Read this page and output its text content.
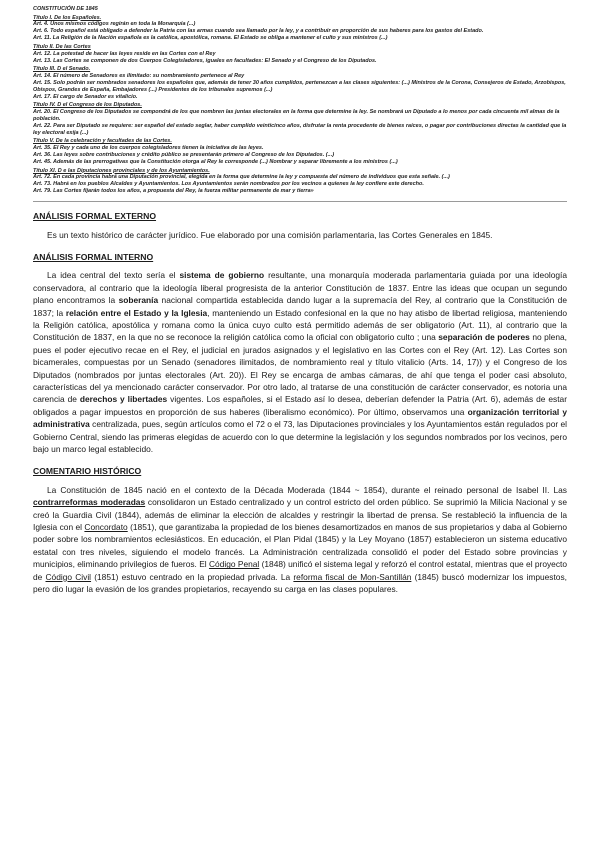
CONSTITUCIÓN DE 1845
Título I. De los Españoles.
Art. 4. Unos mismos códigos regirán en toda la Monarquía (...)
Art. 6. Todo español está obligado a defender la Patria con las armas cuando sea llamado por la ley, y a contribuir en proporción de sus haberes para los gastos del Estado.
Art. 11. La Religión de la Nación española es la católica, apostólica, romana. El Estado se obliga a mantener el culto y sus ministros (...)
Título II. De las Cortes
Art. 12. La potestad de hacer las leyes reside en las Cortes con el Rey
Art. 13. Las Cortes se componen de dos Cuerpos Colegisladores, iguales en facultades: El Senado y el Congreso de los Diputados.
Título III. D el Senado.
Art. 14. El número de Senadores es ilimitado: su nombramiento pertenece al Rey
Art. 15. Solo podrán ser nombrados senadores los españoles que, además de tener 30 años cumplidos, pertenezcan a las clases siguientes: (...) Ministros de la Corona, Consejeros de Estado, Arzobispos, Obispos, Grandes de España, Embajadores (...) Presidentes de los tribunales supremos (...)
Art. 17. El cargo de Senador es vitalicio.
Título IV. D el Congreso de los Diputados.
Art. 20. El Congreso de los Diputados se compondrá de los que nombren las juntas electorales en la forma que determine la ley. Se nombrará un Diputado a lo menos por cada cincuenta mil almas de la población.
Art. 22. Para ser Diputado se requiere: ser español del estado seglar, haber cumplido veinticinco años, disfrutar la renta procedente de bienes raíces, o pagar por contribuciones directas la cantidad que la ley electoral exija (...)
Título V. De la celebración y facultades de las Cortes.
Art. 35. El Rey y cada uno de los cuerpos colegisladores tienen la iniciativa de las leyes.
Art. 36. Las leyes sobre contribuciones y crédito público se presentarán primero al Congreso de los Diputados. (...)
Art. 45. Además de las prerrogativas que la Constitución otorga al Rey le corresponde (...) Nombrar y separar libremente a los ministros (...)
Título XI. D e las Diputaciones provinciales y de los Ayuntamientos.
Art. 72. En cada provincia habrá una Diputación provincial, elegida en la forma que determine la ley y compuesta del número de individuos que esta señale. (...)
Art. 73. Habrá en los pueblos Alcaldes y Ayuntamientos. Los Ayuntamientos serán nombrados por los vecinos a quienes la ley confiere este derecho.
Art. 79. Las Cortes fijarán todos los años, a propuesta del Rey, la fuerza militar permanente de mar y tierra»
ANÁLISIS FORMAL EXTERNO

Es un texto histórico de carácter jurídico. Fue elaborado por una comisión parlamentaria, las Cortes Generales en 1845.

ANÁLISIS FORMAL INTERNO

La idea central del texto sería el sistema de gobierno resultante, una monarquía moderada parlamentaria guiada por una ideología conservadora, al contrario que la ideología liberal progresista de la anterior Constitución de 1837. Entre las ideas que ocupan un segundo plano encontramos la soberanía nacional compartida establecida dando lugar a la supremacía del Rey, al contrario que la Constitución de 1837; la relación entre el Estado y la Iglesia, manteniendo un Estado confesional en la que no hay atisbo de libertad religiosa, manteniendo la Religión católica, apostólica y romana como la única cuyo culto está permitido además de ser obligatorio (Art. 11), al contrario que la Constitución de 1837, en la que no se reconoce la religión católica como la oficial con obligatorio culto ; una separación de poderes no plena, pues el poder ejecutivo recae en el Rey, el judicial en jurados asignados y el legislativo en las Cortes con el Rey (Art. 12). Las Cortes son bicamerales, compuestas por un Senado (senadores ilimitados, de nombramiento real y título vitalicio (Arts. 14, 17)) y el Congreso de los Diputados (nombrados por juntas electorales (Art. 20)). El Rey se encarga de ambas cámaras, de ahí que tenga el poder casi absoluto, características del ya mencionado carácter conservador. Por otro lado, al tratarse de una constitución de carácter conservador, es notoria una carencia de derechos y libertades vigentes. Los españoles, si el Estado así lo desea, deberían defender la Patria (Art. 6), además de estar obligados a pagar impuestos en proporción de sus haberes (liberalismo económico). Por último, observamos una organización territorial y administrativa centralizada, pues, según artículos como el 72 o el 73, las Diputaciones provinciales y los Ayuntamientos están regulados por el Gobierno Central, siendo las primeras elegidas de acuerdo con lo que determine la legislación y los segundos nombrados por los vecinos, pero bajo un marco legal establecido.

COMENTARIO HISTÓRICO

La Constitución de 1845 nació en el contexto de la Década Moderada (1844 ~ 1854), durante el reinado personal de Isabel II. Las contrarreformas moderadas consolidaron un Estado centralizado y un control estricto del orden público. Se suprimió la Milicia Nacional y se creó la Guardia Civil (1844), además de eliminar la elección de alcaldes y restringir la libertad de prensa. Se restableció la influencia de la Iglesia con el Concordato (1851), que garantizaba la propiedad de los bienes desamortizados en manos de sus propietarios y daba al Gobierno poder sobre los nombramientos eclesiásticos. En educación, el Plan Pidal (1845) y la Ley Moyano (1857) establecieron un sistema educativo estatal con tres niveles, siguiendo el modelo francés. La Administración centralizada consolidó el poder del Estado sobre provincias y municipios, eliminando privilegios de fueros. El Código Penal (1848) unificó el sistema legal y reforzó el control estatal, mientras que el proyecto de Código Civil (1851) estuvo centrado en la propiedad privada. La reforma fiscal de Mon-Santillán (1845) buscó modernizar los impuestos, pero dio lugar la evasión de los grandes propietarios, recayendo su carga en las clases populares.
